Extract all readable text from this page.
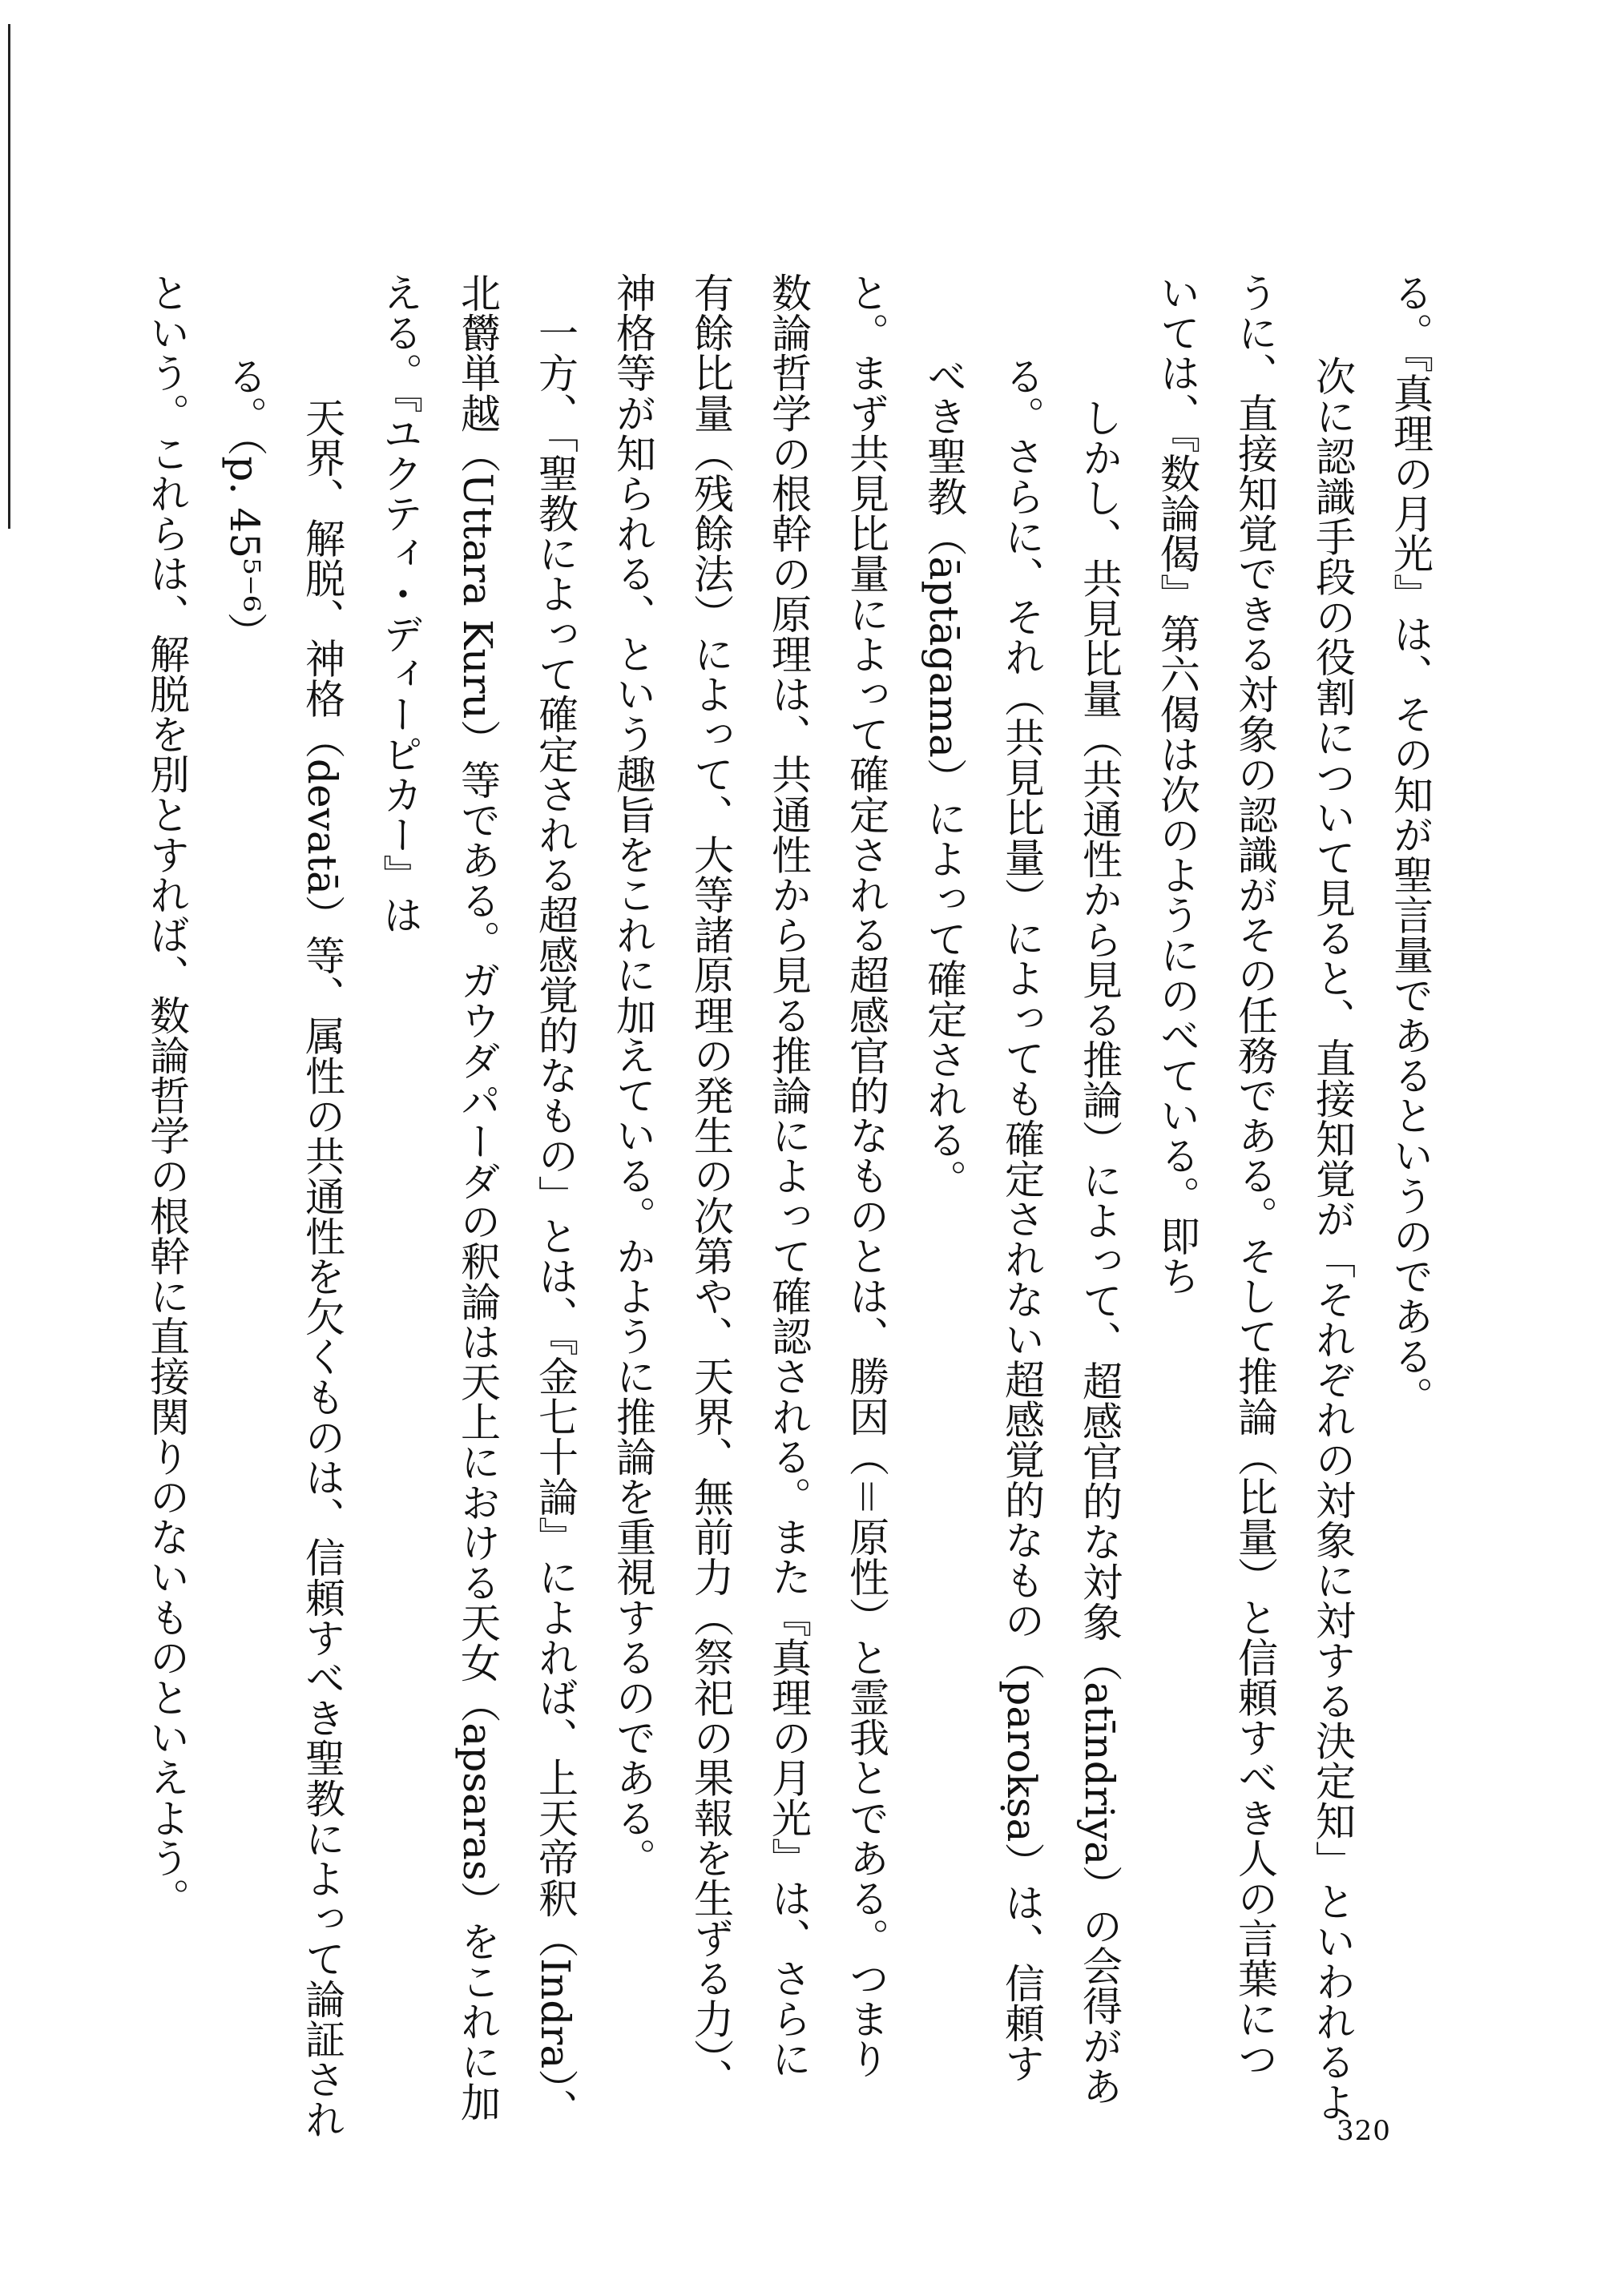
る。『真理の月光』は、その知が聖言量であるというのである。
次に認識手段の役割について見ると、直接知覚が「それぞれの対象に対する決定知」といわれるよ
うに、直接知覚できる対象の認識がその任務である。そして推論（比量）と信頼すべき人の言葉につ
いては、『数論偈』第六偈は次のようにのべている。即ち
しかし、共見比量（共通性から見る推論）によって、超感官的な対象（atīndriya）の会得があ
る。さらに、それ（共見比量）によっても確定されない超感覚的なもの（parokṣa）は、信頼す
べき聖教（āptāgama）によって確定される。
と。まず共見比量によって確定される超感官的なものとは、勝因（＝原性）と霊我とである。つまり
数論哲学の根幹の原理は、共通性から見る推論によって確認される。また『真理の月光』は、さらに
有餘比量（残餘法）によって、大等諸原理の発生の次第や、天界、無前力（祭祀の果報を生ずる力）、
神格等が知られる、という趣旨をこれに加えている。かように推論を重視するのである。
一方、「聖教によって確定される超感覚的なもの」とは、『金七十論』によれば、上天帝釈（Indra）、
北欝単越（Uttara Kuru）等である。ガウダパーダの釈論は天上における天女（apsaras）をこれに加
える。『ユクティ・ディーピカー』は
天界、解脱、神格（devatā）等、属性の共通性を欠くものは、信頼すべき聖教によって論証され
る。（p. 45⁵⁻⁶）
という。これらは、解脱を別とすれば、数論哲学の根幹に直接関りのないものといえよう。
320
